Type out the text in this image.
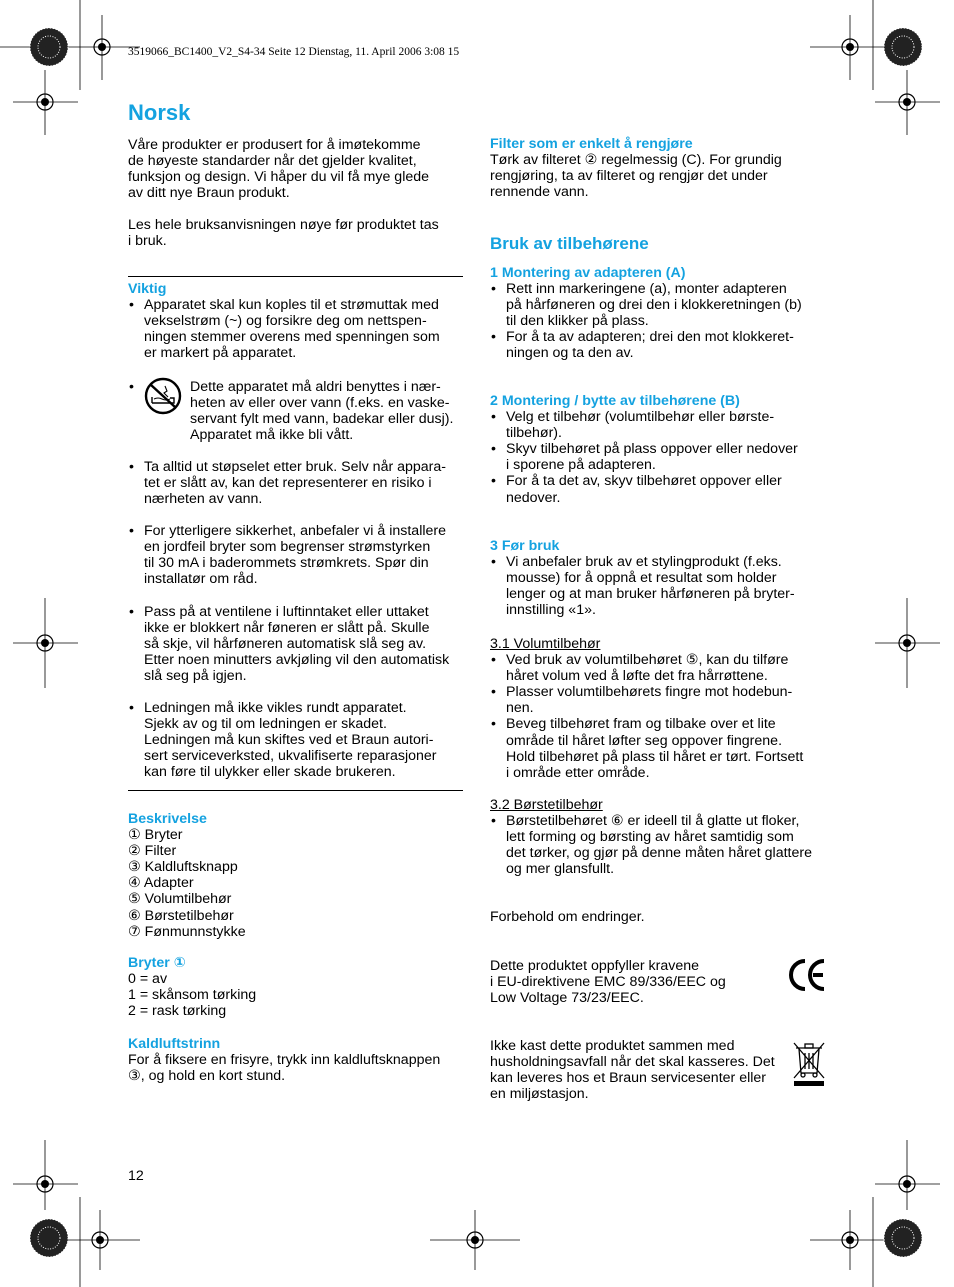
3519066_BC1400_V2_S4-34 Seite 12 Dienstag, 11. April 2006 3:08 15
Norsk

Våre produkter er produsert for å imøtekomme
de høyeste standarder når det gjelder kvalitet,
funksjon og design. Vi håper du vil få mye glede
av ditt nye Braun produkt.

Les hele bruksanvisningen nøye før produktet tas
i bruk.

Viktig

• Apparatet skal kun koples til et strømuttak med
vekselstrøm (~) og forsikre deg om nettspen-
ningen stemmer overens med spenningen som
er markert på apparatet.
•	Dette apparatet må aldri benyttes i nær-
heten av eller over vann (f.eks. en vaske-
servant fylt med vann, badekar eller dusj).
Apparatet må ikke bli vått.

• Ta alltid ut støpselet etter bruk. Selv når appara-
tet er slått av, kan det representerer en risiko i
nærheten av vann.
• For ytterligere sikkerhet, anbefaler vi å installere
en jordfeil bryter som begrenser strømstyrken
til 30 mA i baderommets strømkrets. Spør din
installatør om råd.
• Pass på at ventilene i luftinntaket eller uttaket
ikke er blokkert når føneren er slått på. Skulle
så skje, vil hårføneren automatisk slå seg av.
Etter noen minutters avkjøling vil den automatisk
slå seg på igjen.
• Ledningen må ikke vikles rundt apparatet.
Sjekk av og til om ledningen er skadet.
Ledningen må kun skiftes ved et Braun autori-
sert serviceverksted, ukvalifiserte reparasjoner
kan føre til ulykker eller skade brukeren.

Beskrivelse

① Bryter
② Filter
③ Kaldluftsknapp
④ Adapter
⑤ Volumtilbehør
⑥ Børstetilbehør
⑦ Fønmunnstykke

Bryter ①

0 = av
1 = skånsom tørking
2 = rask tørking

Kaldluftstrinn

For å fiksere en frisyre, trykk inn kaldluftsknappen
③, og hold en kort stund.

12

Filter som er enkelt å rengjøre

Tørk av filteret ② regelmessig (C). For grundig
rengjøring, ta av filteret og rengjør det under
rennende vann.

Bruk av tilbehørene

1 Montering av adapteren (A)

• Rett inn markeringene (a), monter adapteren
på hårføneren og drei den i klokkeretningen (b)
til den klikker på plass.
• For å ta av adapteren; drei den mot klokkeret-
ningen og ta den av.

2 Montering / bytte av tilbehørene (B)

• Velg et tilbehør (volumtilbehør eller børste-
tilbehør).
• Skyv tilbehøret på plass oppover eller nedover
i sporene på adapteren.
• For å ta det av, skyv tilbehøret oppover eller
nedover.

3 Før bruk

• Vi anbefaler bruk av et stylingprodukt (f.eks.
mousse) for å oppnå et resultat som holder
lenger og at man bruker hårføneren på bryter-
innstilling «1».

3.1 Volumtilbehør

• Ved bruk av volumtilbehøret ⑤, kan du tilføre
håret volum ved å løfte det fra hårrøttene.
• Plasser volumtilbehørets fingre mot hodebun-
nen.
• Beveg tilbehøret fram og tilbake over et lite
område til håret løfter seg oppover fingrene.
Hold tilbehøret på plass til håret er tørt. Fortsett
i område etter område.

3.2 Børstetilbehør

• Børstetilbehøret ⑥ er ideell til å glatte ut floker,
lett forming og børsting av håret samtidig som
det tørker, og gjør på denne måten håret glattere
og mer glansfullt.

Forbehold om endringer.

Dette produktet oppfyller kravene
i EU-direktivene EMC 89/336/EEC og
Low Voltage 73/23/EEC.

Ikke kast dette produktet sammen med
husholdningsavfall når det skal kasseres. Det
kan leveres hos et Braun servicesenter eller
en miljøstasjon.
